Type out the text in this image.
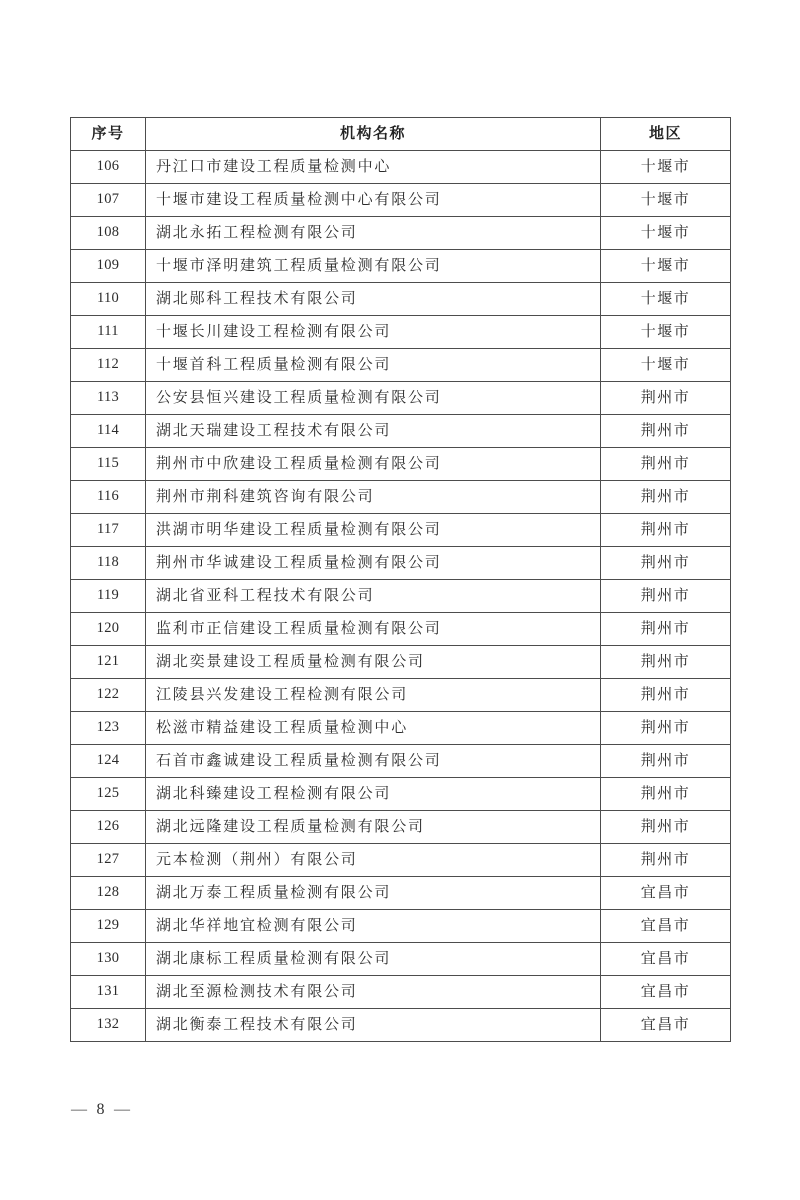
序号	机构名称	地区
106	丹江口市建设工程质量检测中心	十堰市
107	十堰市建设工程质量检测中心有限公司	十堰市
108	湖北永拓工程检测有限公司	十堰市
109	十堰市泽明建筑工程质量检测有限公司	十堰市
110	湖北郧科工程技术有限公司	十堰市
111	十堰长川建设工程检测有限公司	十堰市
112	十堰首科工程质量检测有限公司	十堰市
113	公安县恒兴建设工程质量检测有限公司	荆州市
114	湖北天瑞建设工程技术有限公司	荆州市
115	荆州市中欣建设工程质量检测有限公司	荆州市
116	荆州市荆科建筑咨询有限公司	荆州市
117	洪湖市明华建设工程质量检测有限公司	荆州市
118	荆州市华诚建设工程质量检测有限公司	荆州市
119	湖北省亚科工程技术有限公司	荆州市
120	监利市正信建设工程质量检测有限公司	荆州市
121	湖北奕景建设工程质量检测有限公司	荆州市
122	江陵县兴发建设工程检测有限公司	荆州市
123	松滋市精益建设工程质量检测中心	荆州市
124	石首市鑫诚建设工程质量检测有限公司	荆州市
125	湖北科臻建设工程检测有限公司	荆州市
126	湖北远隆建设工程质量检测有限公司	荆州市
127	元本检测（荆州）有限公司	荆州市
128	湖北万泰工程质量检测有限公司	宜昌市
129	湖北华祥地宜检测有限公司	宜昌市
130	湖北康标工程质量检测有限公司	宜昌市
131	湖北至源检测技术有限公司	宜昌市
132	湖北衡泰工程技术有限公司	宜昌市
— 8 —
